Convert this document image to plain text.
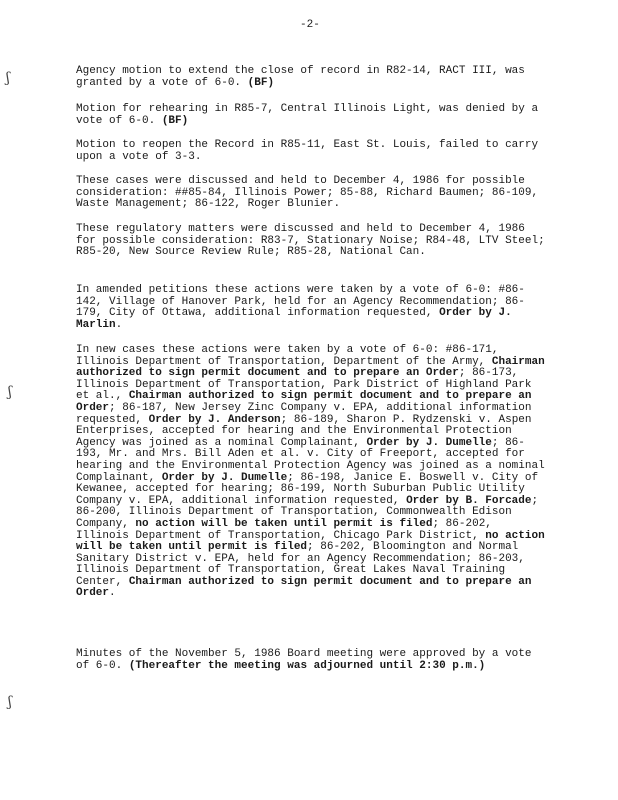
-2-
ʃ
ʃ
ʃ

Agency motion to extend the close of record in R82-14, RACT III, was granted by a vote of 6-0. (BF)

Motion for rehearing in R85-7, Central Illinois Light, was denied by a vote of 6-0. (BF)

Motion to reopen the Record in R85-11, East St. Louis, failed to carry upon a vote of 3-3.

These cases were discussed and held to December 4, 1986 for possible consideration: ##85-84, Illinois Power; 85-88, Richard Baumen; 86-109, Waste Management; 86-122, Roger Blunier.

These regulatory matters were discussed and held to December 4, 1986 for possible consideration: R83-7, Stationary Noise; R84-48, LTV Steel; R85-20, New Source Review Rule; R85-28, National Can.

In amended petitions these actions were taken by a vote of 6-0: #86-142, Village of Hanover Park, held for an Agency Recommendation; 86-179, City of Ottawa, additional information requested, Order by J. Marlin.

In new cases these actions were taken by a vote of 6-0: #86-171, Illinois Department of Transportation, Department of the Army, Chairman authorized to sign permit document and to prepare an Order; 86-173, Illinois Department of Transportation, Park District of Highland Park et al., Chairman authorized to sign permit document and to prepare an Order; 86-187, New Jersey Zinc Company v. EPA, additional information requested, Order by J. Anderson; 86-189, Sharon P. Rydzenski v. Aspen Enterprises, accepted for hearing and the Environmental Protection Agency was joined as a nominal Complainant, Order by J. Dumelle; 86-193, Mr. and Mrs. Bill Aden et al. v. City of Freeport, accepted for hearing and the Environmental Protection Agency was joined as a nominal Complainant, Order by J. Dumelle; 86-198, Janice E. Boswell v. City of Kewanee, accepted for hearing; 86-199, North Suburban Public Utility Company v. EPA, additional information requested, Order by B. Forcade; 86-200, Illinois Department of Transportation, Commonwealth Edison Company, no action will be taken until permit is filed; 86-202, Illinois Department of Transportation, Chicago Park District, no action will be taken until permit is filed; 86-202, Bloomington and Normal Sanitary District v. EPA, held for an Agency Recommendation; 86-203, Illinois Department of Transportation, Great Lakes Naval Training Center, Chairman authorized to sign permit document and to prepare an Order.

Minutes of the November 5, 1986 Board meeting were approved by a vote of 6-0. (Thereafter the meeting was adjourned until 2:30 p.m.)
